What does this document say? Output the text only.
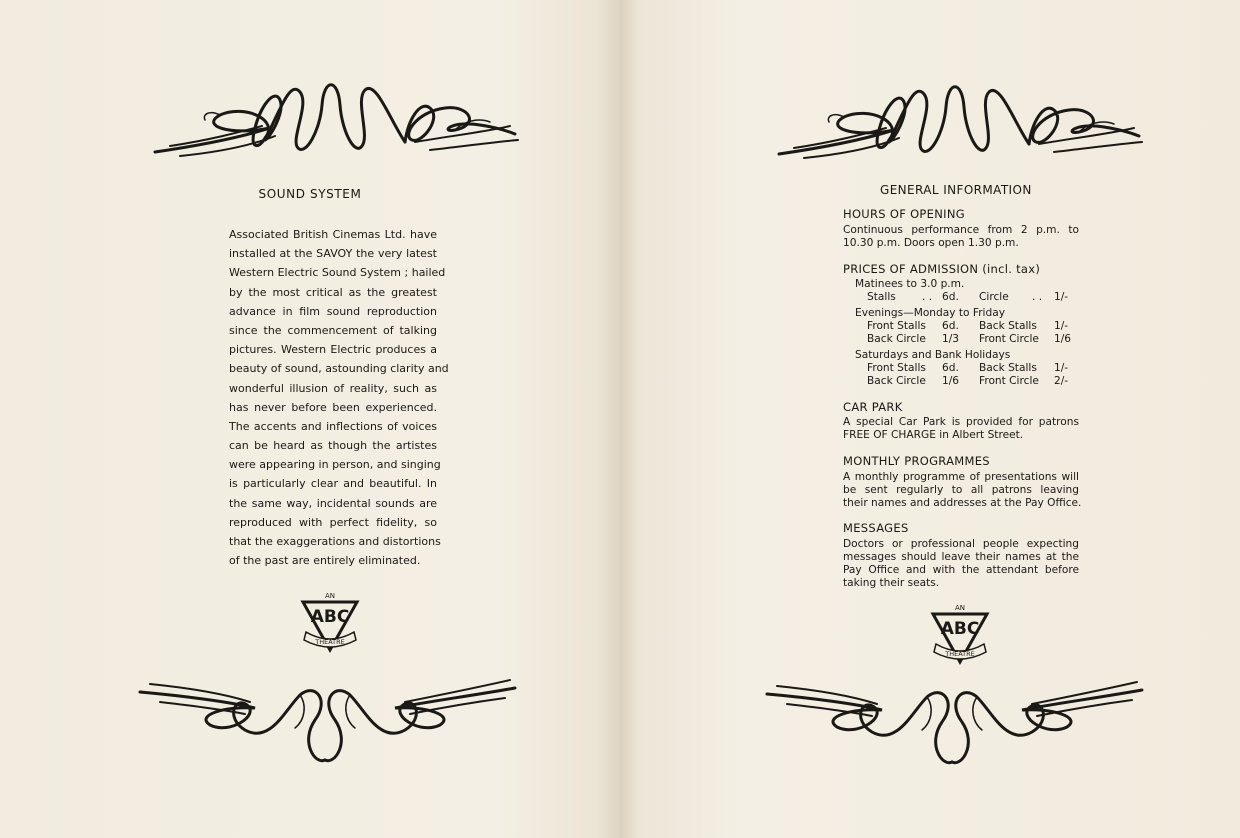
SOUND SYSTEM
Associated British Cinemas Ltd. have
installed at the SAVOY the very latest
Western Electric Sound System ; hailed
by the most critical as the greatest
advance in film sound reproduction
since the commencement of talking
pictures. Western Electric produces a
beauty of sound, astounding clarity and
wonderful illusion of reality, such as
has never before been experienced.
The accents and inflections of voices
can be heard as though the artistes
were appearing in person, and singing
is particularly clear and beautiful. In
the same way, incidental sounds are
reproduced with perfect fidelity, so
that the exaggerations and distortions
of the past are entirely eliminated.
AN
ABC
THEATRE
GENERAL INFORMATION
HOURS OF OPENING
Continuous performance from 2 p.m. to
10.30 p.m. Doors open 1.30 p.m.
PRICES OF ADMISSION (incl. tax)
Matinees to 3.0 p.m.
Stalls . . 6d. Circle . . 1/-
Evenings—Monday to Friday
Front Stalls 6d. Back Stalls 1/-
Back Circle 1/3 Front Circle 1/6
Saturdays and Bank Holidays
Front Stalls 6d. Back Stalls 1/-
Back Circle 1/6 Front Circle 2/-
CAR PARK
A special Car Park is provided for patrons
FREE OF CHARGE in Albert Street.
MONTHLY PROGRAMMES
A monthly programme of presentations will
be sent regularly to all patrons leaving
their names and addresses at the Pay Office.
MESSAGES
Doctors or professional people expecting
messages should leave their names at the
Pay Office and with the attendant before
taking their seats.
AN
ABC
THEATRE
